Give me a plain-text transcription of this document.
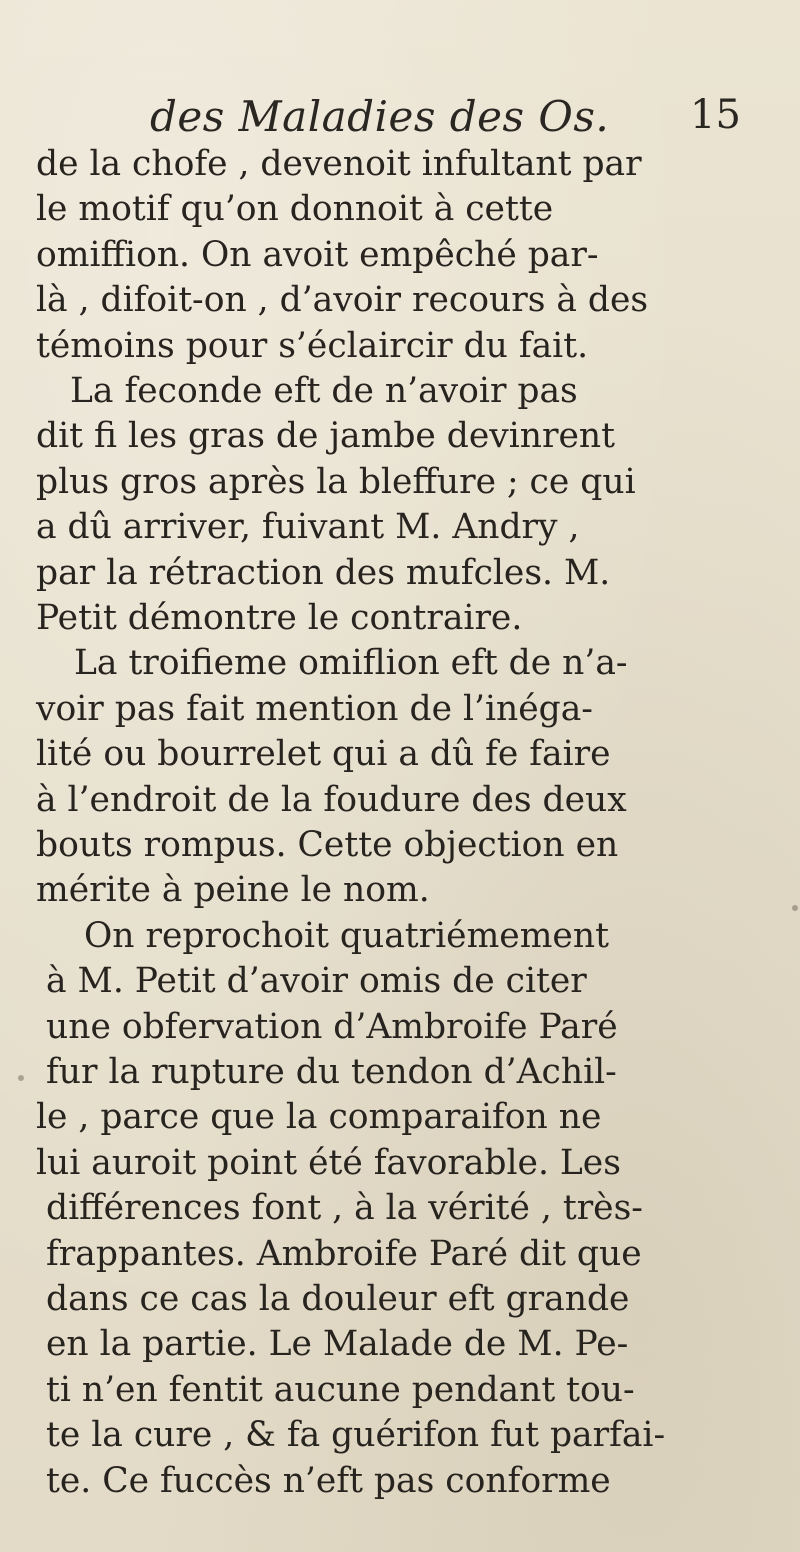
des Maladies des Os. 15
de la chofe , devenoit infultant par
le motif qu’on donnoit à cette
omiffion. On avoit empêché par-
là , difoit-on , d’avoir recours à des
témoins pour s’éclaircir du fait.
La feconde eft de n’avoir pas
dit fi les gras de jambe devinrent
plus gros après la bleffure ; ce qui
a dû arriver, fuivant M. Andry ,
par la rétraction des mufcles. M.
Petit démontre le contraire.
La troifieme omiflion eft de n’a-
voir pas fait mention de l’inéga-
lité ou bourrelet qui a dû fe faire
à l’endroit de la foudure des deux
bouts rompus. Cette objection en
mérite à peine le nom.
On reprochoit quatriémement
à M. Petit d’avoir omis de citer
une obfervation d’Ambroife Paré
fur la rupture du tendon d’Achil-
le , parce que la comparaifon ne
lui auroit point été favorable. Les
différences font , à la vérité , très-
frappantes. Ambroife Paré dit que
dans ce cas la douleur eft grande
en la partie. Le Malade de M. Pe-
ti n’en fentit aucune pendant tou-
te la cure , & fa guérifon fut parfai-
te. Ce fuccès n’eft pas conforme
